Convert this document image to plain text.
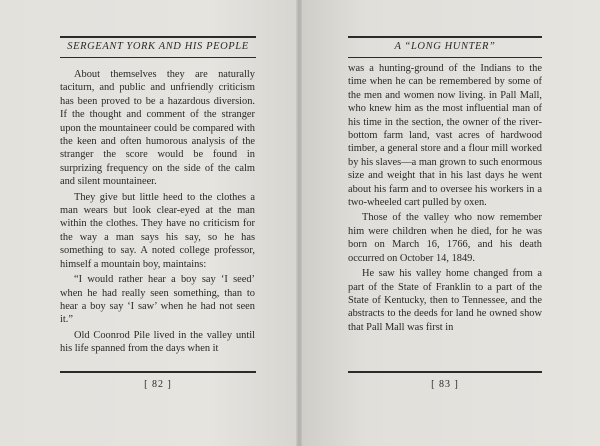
SERGEANT YORK AND HIS PEOPLE

About themselves they are naturally taciturn, and public and unfriendly criticism has been proved to be a hazardous diversion. If the thought and comment of the stranger upon the mountaineer could be compared with the keen and often humorous analysis of the stranger the score would be found in surprizing frequency on the side of the calm and silent mountaineer.

They give but little heed to the clothes a man wears but look clear-eyed at the man within the clothes. They have no criticism for the way a man says his say, so he has something to say. A noted college professor, himself a mountain boy, maintains:

“I would rather hear a boy say ‘I seed’ when he had really seen something, than to hear a boy say ‘I saw’ when he had not seen it.”

Old Coonrod Pile lived in the valley until his life spanned from the days when it

[ 82 ]
A “LONG HUNTER”

was a hunting-ground of the Indians to the time when he can be remembered by some of the men and women now living. in Pall Mall, who knew him as the most influential man of his time in the section, the owner of the river-bottom farm land, vast acres of hardwood timber, a general store and a flour mill worked by his slaves—a man grown to such enormous size and weight that in his last days he went about his farm and to oversee his workers in a two-wheeled cart pulled by oxen.

Those of the valley who now remember him were children when he died, for he was born on March 16, 1766, and his death occurred on October 14, 1849.

He saw his valley home changed from a part of the State of Franklin to a part of the State of Kentucky, then to Tennessee, and the abstracts to the deeds for land he owned show that Pall Mall was first in

[ 83 ]
